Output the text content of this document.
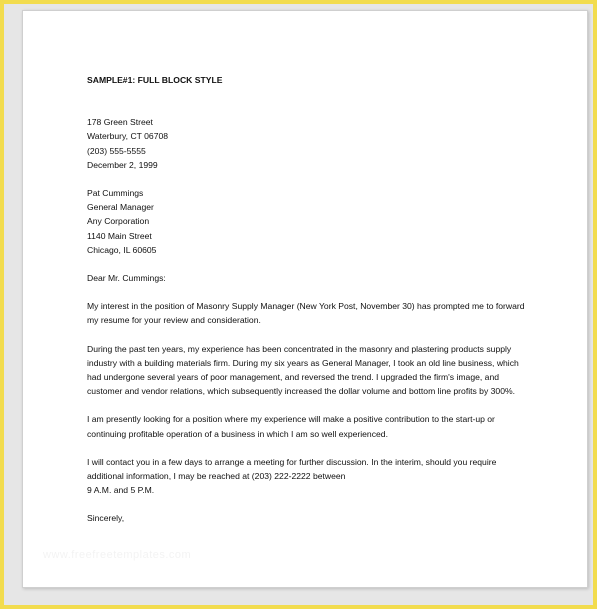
SAMPLE#1: FULL BLOCK STYLE
178 Green Street
Waterbury, CT 06708
(203) 555-5555
December 2, 1999
Pat Cummings
General Manager
Any Corporation
1140 Main Street
Chicago, IL 60605
Dear Mr. Cummings:
My interest in the position of Masonry Supply Manager (New York Post, November 30) has prompted me to forward
my resume for your review and consideration.
During the past ten years, my experience has been concentrated in the masonry and plastering products supply
industry with a building materials firm. During my six years as General Manager, I took an old line business, which
had undergone several years of poor management, and reversed the trend. I upgraded the firm's image, and
customer and vendor relations, which subsequently increased the dollar volume and bottom line profits by 300%.
I am presently looking for a position where my experience will make a positive contribution to the start-up or
continuing profitable operation of a business in which I am so well experienced.
I will contact you in a few days to arrange a meeting for further discussion. In the interim, should you require
additional information, I may be reached at (203) 222-2222 between
9 A.M. and 5 P.M.
Sincerely,
www.freefreetemplates.com
